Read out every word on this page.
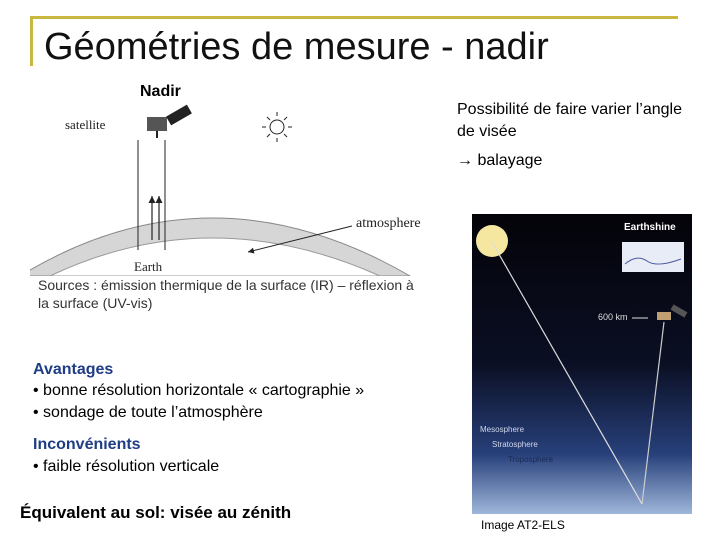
Géométries de mesure - nadir
Nadir
Earth
satellite
atmosphere
Sources : émission thermique de la surface (IR) – réflexion à la surface (UV-vis)
Avantages
• bonne résolution horizontale « cartographie »
• sondage de toute l’atmosphère
Inconvénients
• faible résolution verticale
Équivalent au sol: visée au zénith
Possibilité de faire varier l’angle de visée
→ balayage
Earthshine
600 km
Mesosphere
Stratosphere
Troposphere
Image AT2-ELS
